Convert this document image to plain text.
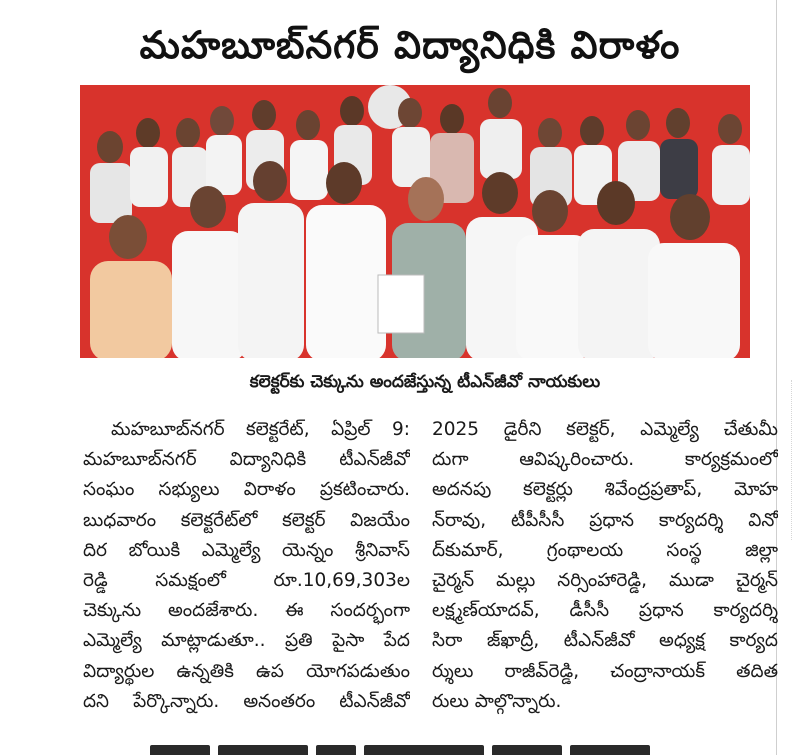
మహబూబ్‌నగర్ విద్యానిధికి విరాళం
కలెక్టర్‌కు చెక్కును అందజేస్తున్న టీఎన్‌జీవో నాయకులు
మహబూబ్‌నగర్ కలెక్టరేట్, ఏప్రిల్ 9:
మహబూబ్‌నగర్ విద్యానిధికి టీఎన్‌జీవో
సంఘం సభ్యులు విరాళం ప్రకటించారు.
బుధవారం కలెక్టరేట్‌లో కలెక్టర్ విజయేం
దిర బోయికి ఎమ్మెల్యే యెన్నం శ్రీనివాస్
రెడ్డి సమక్షంలో రూ.10,69,303ల
చెక్కును అందజేశారు. ఈ సందర్భంగా
ఎమ్మెల్యే మాట్లాడుతూ.. ప్రతి పైసా పేద
విద్యార్థుల ఉన్నతికి ఉప యోగపడుతుం
దని పేర్కొన్నారు. అనంతరం టీఎన్‌జీవో
2025 డైరీని కలెక్టర్, ఎమ్మెల్యే చేతుమీ
దుగా ఆవిష్కరించారు. కార్యక్రమంలో
అదనపు కలెక్టర్లు శివేంద్రప్రతాప్, మోహ
న్‌రావు, టీపీసీసీ ప్రధాన కార్యదర్శి వినో
ద్‌కుమార్, గ్రంథాలయ సంస్థ జిల్లా
చైర్మన్ మల్లు నర్సింహారెడ్డి, ముడా చైర్మన్
లక్ష్మణ్‌యాదవ్, డీసీసీ ప్రధాన కార్యదర్శి
సిరా జ్‌ఖాద్రీ, టీఎన్‌జీవో అధ్యక్ష కార్యద
ర్శులు రాజీవ్‌రెడ్డి, చంద్రానాయక్ తదిత
రులు పాల్గొన్నారు.
